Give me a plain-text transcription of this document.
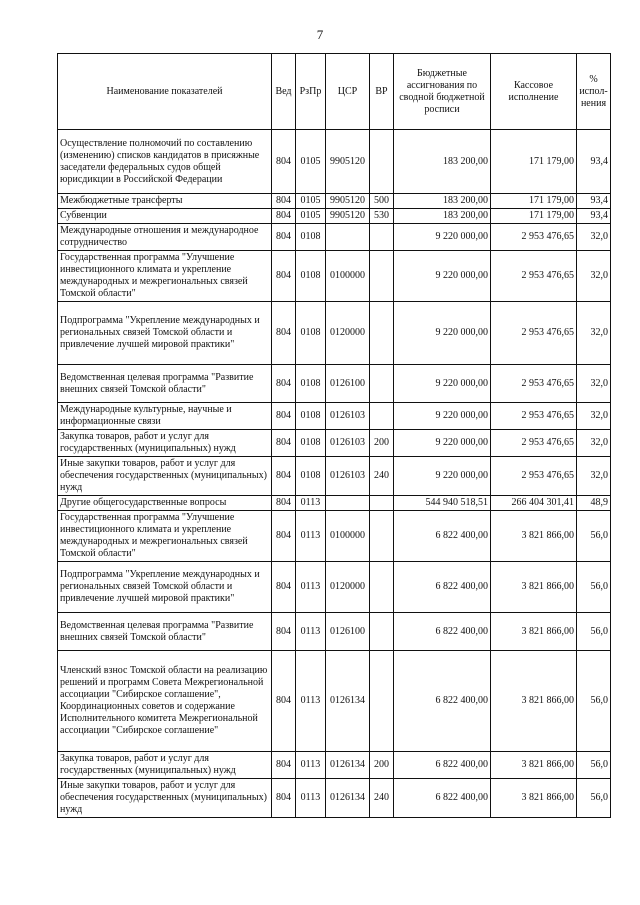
7
Наименование показателей	Вед	РзПр	ЦСР	ВР	Бюджетные ассигнования по сводной бюджетной росписи	Кассовое исполнение	% испол-нения
Осуществление полномочий по составлению (изменению) списков кандидатов в присяжные заседатели федеральных судов общей юрисдикции в Российской Федерации	804	0105	9905120		183 200,00	171 179,00	93,4
Межбюджетные трансферты	804	0105	9905120	500	183 200,00	171 179,00	93,4
Субвенции	804	0105	9905120	530	183 200,00	171 179,00	93,4
Международные отношения и международное сотрудничество	804	0108			9 220 000,00	2 953 476,65	32,0
Государственная программа "Улучшение инвестиционного климата и укрепление международных и межрегиональных связей Томской области"	804	0108	0100000		9 220 000,00	2 953 476,65	32,0
Подпрограмма "Укрепление международных и региональных связей Томской области и привлечение лучшей мировой практики"	804	0108	0120000		9 220 000,00	2 953 476,65	32,0
Ведомственная целевая программа "Развитие внешних связей Томской области"	804	0108	0126100		9 220 000,00	2 953 476,65	32,0
Международные культурные, научные и информационные связи	804	0108	0126103		9 220 000,00	2 953 476,65	32,0
Закупка товаров, работ и услуг для государственных (муниципальных) нужд	804	0108	0126103	200	9 220 000,00	2 953 476,65	32,0
Иные закупки товаров, работ и услуг для обеспечения государственных (муниципальных) нужд	804	0108	0126103	240	9 220 000,00	2 953 476,65	32,0
Другие общегосударственные вопросы	804	0113			544 940 518,51	266 404 301,41	48,9
Государственная программа "Улучшение инвестиционного климата и укрепление международных и межрегиональных связей Томской области"	804	0113	0100000		6 822 400,00	3 821 866,00	56,0
Подпрограмма "Укрепление международных и региональных связей Томской области и привлечение лучшей мировой практики"	804	0113	0120000		6 822 400,00	3 821 866,00	56,0
Ведомственная целевая программа "Развитие внешних связей Томской области"	804	0113	0126100		6 822 400,00	3 821 866,00	56,0
Членский взнос Томской области на реализацию решений и программ Совета Межрегиональной ассоциации "Сибирское соглашение", Координационных советов и содержание Исполнительного комитета Межрегиональной ассоциации "Сибирское соглашение"	804	0113	0126134		6 822 400,00	3 821 866,00	56,0
Закупка товаров, работ и услуг для государственных (муниципальных) нужд	804	0113	0126134	200	6 822 400,00	3 821 866,00	56,0
Иные закупки товаров, работ и услуг для обеспечения государственных (муниципальных) нужд	804	0113	0126134	240	6 822 400,00	3 821 866,00	56,0
